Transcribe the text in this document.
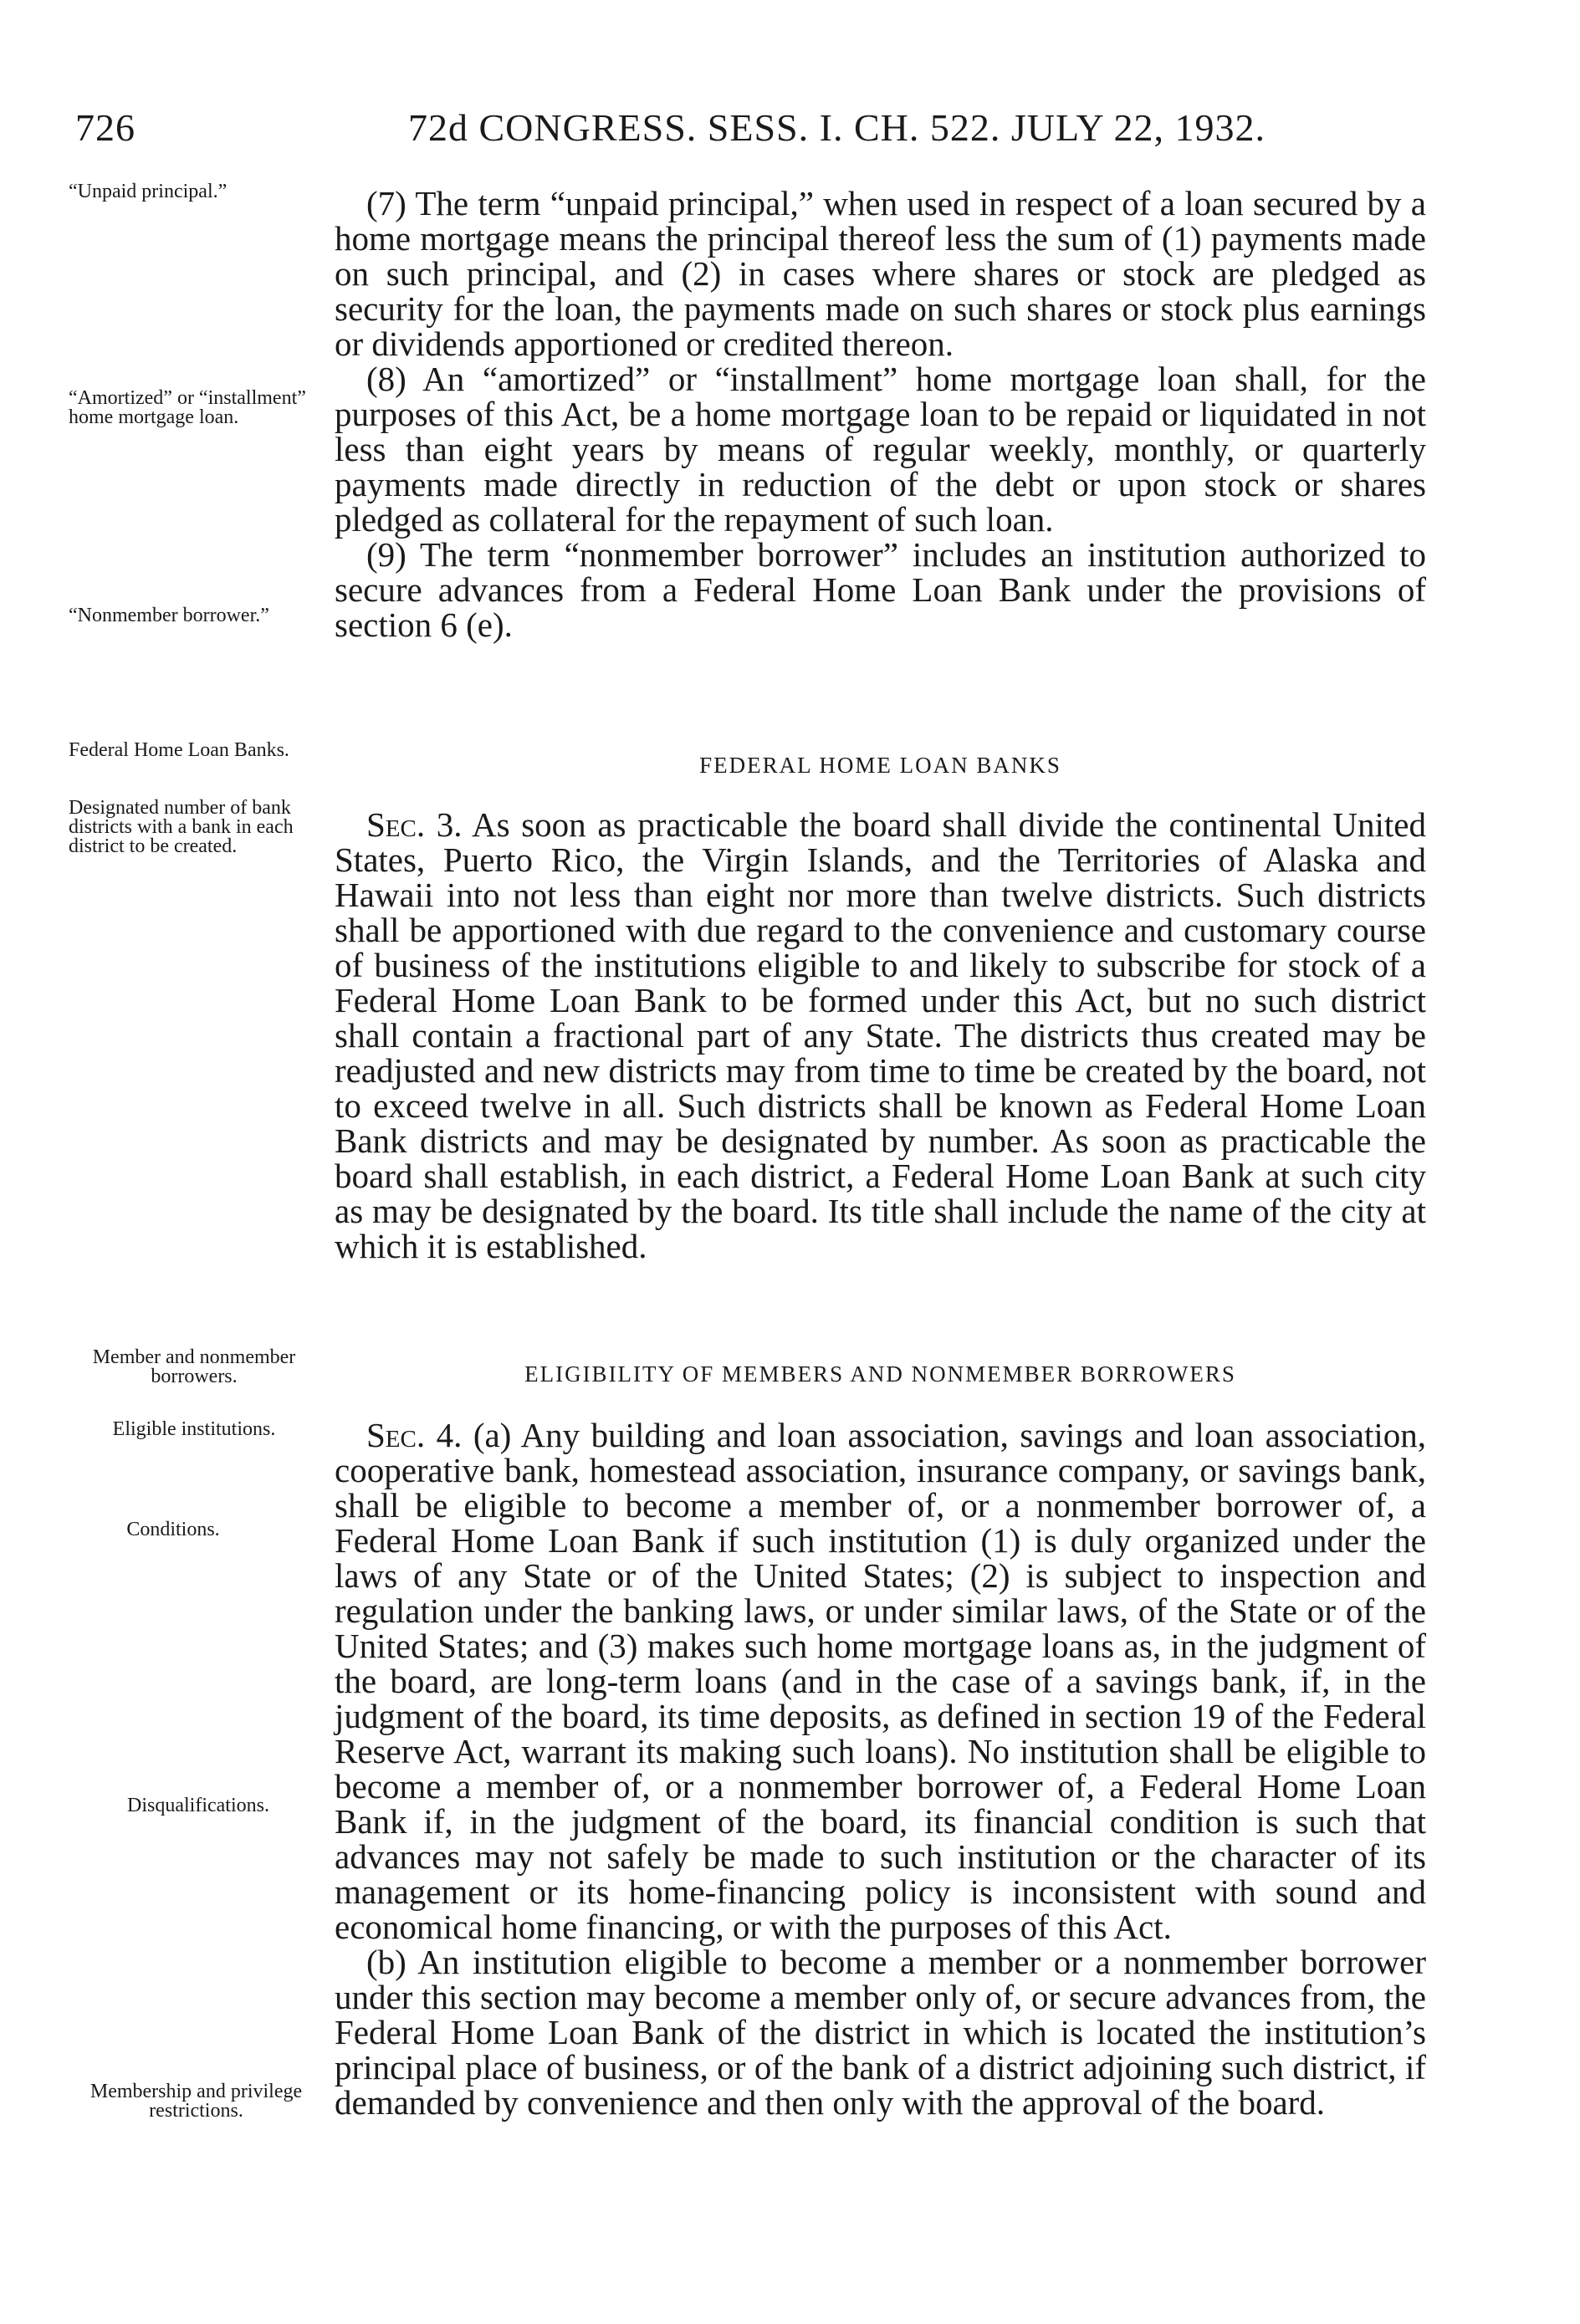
726	72d CONGRESS. SESS. I. CH. 522. JULY 22, 1932.
“Unpaid principal.”
“Amortized” or “installment” home mortgage loan.
“Nonmember borrower.”
Federal Home Loan Banks.
Designated number of bank districts with a bank in each district to be created.
Member and nonmember borrowers.
Eligible institutions.
Conditions.
Disqualifications.
Membership and privilege restrictions.

(7) The term “unpaid principal,” when used in respect of a loan secured by a home mortgage means the principal thereof less the sum of (1) payments made on such principal, and (2) in cases where shares or stock are pledged as security for the loan, the payments made on such shares or stock plus earnings or dividends apportioned or credited thereon.

(8) An “amortized” or “installment” home mortgage loan shall, for the purposes of this Act, be a home mortgage loan to be repaid or liquidated in not less than eight years by means of regular weekly, monthly, or quarterly payments made directly in reduction of the debt or upon stock or shares pledged as collateral for the repayment of such loan.

(9) The term “nonmember borrower” includes an institution authorized to secure advances from a Federal Home Loan Bank under the provisions of section 6 (e).

FEDERAL HOME LOAN BANKS

Sec. 3. As soon as practicable the board shall divide the continental United States, Puerto Rico, the Virgin Islands, and the Territories of Alaska and Hawaii into not less than eight nor more than twelve districts. Such districts shall be apportioned with due regard to the convenience and customary course of business of the institutions eligible to and likely to subscribe for stock of a Federal Home Loan Bank to be formed under this Act, but no such district shall contain a fractional part of any State. The districts thus created may be readjusted and new districts may from time to time be created by the board, not to exceed twelve in all. Such districts shall be known as Federal Home Loan Bank districts and may be designated by number. As soon as practicable the board shall establish, in each district, a Federal Home Loan Bank at such city as may be designated by the board. Its title shall include the name of the city at which it is established.

ELIGIBILITY OF MEMBERS AND NONMEMBER BORROWERS

Sec. 4. (a) Any building and loan association, savings and loan association, cooperative bank, homestead association, insurance company, or savings bank, shall be eligible to become a member of, or a nonmember borrower of, a Federal Home Loan Bank if such institution (1) is duly organized under the laws of any State or of the United States; (2) is subject to inspection and regulation under the banking laws, or under similar laws, of the State or of the United States; and (3) makes such home mortgage loans as, in the judgment of the board, are long-term loans (and in the case of a savings bank, if, in the judgment of the board, its time deposits, as defined in section 19 of the Federal Reserve Act, warrant its making such loans). No institution shall be eligible to become a member of, or a nonmember borrower of, a Federal Home Loan Bank if, in the judgment of the board, its financial condition is such that advances may not safely be made to such institution or the character of its management or its home-financing policy is inconsistent with sound and economical home financing, or with the purposes of this Act.

(b) An institution eligible to become a member or a nonmember borrower under this section may become a member only of, or secure advances from, the Federal Home Loan Bank of the district in which is located the institution’s principal place of business, or of the bank of a district adjoining such district, if demanded by convenience and then only with the approval of the board.
